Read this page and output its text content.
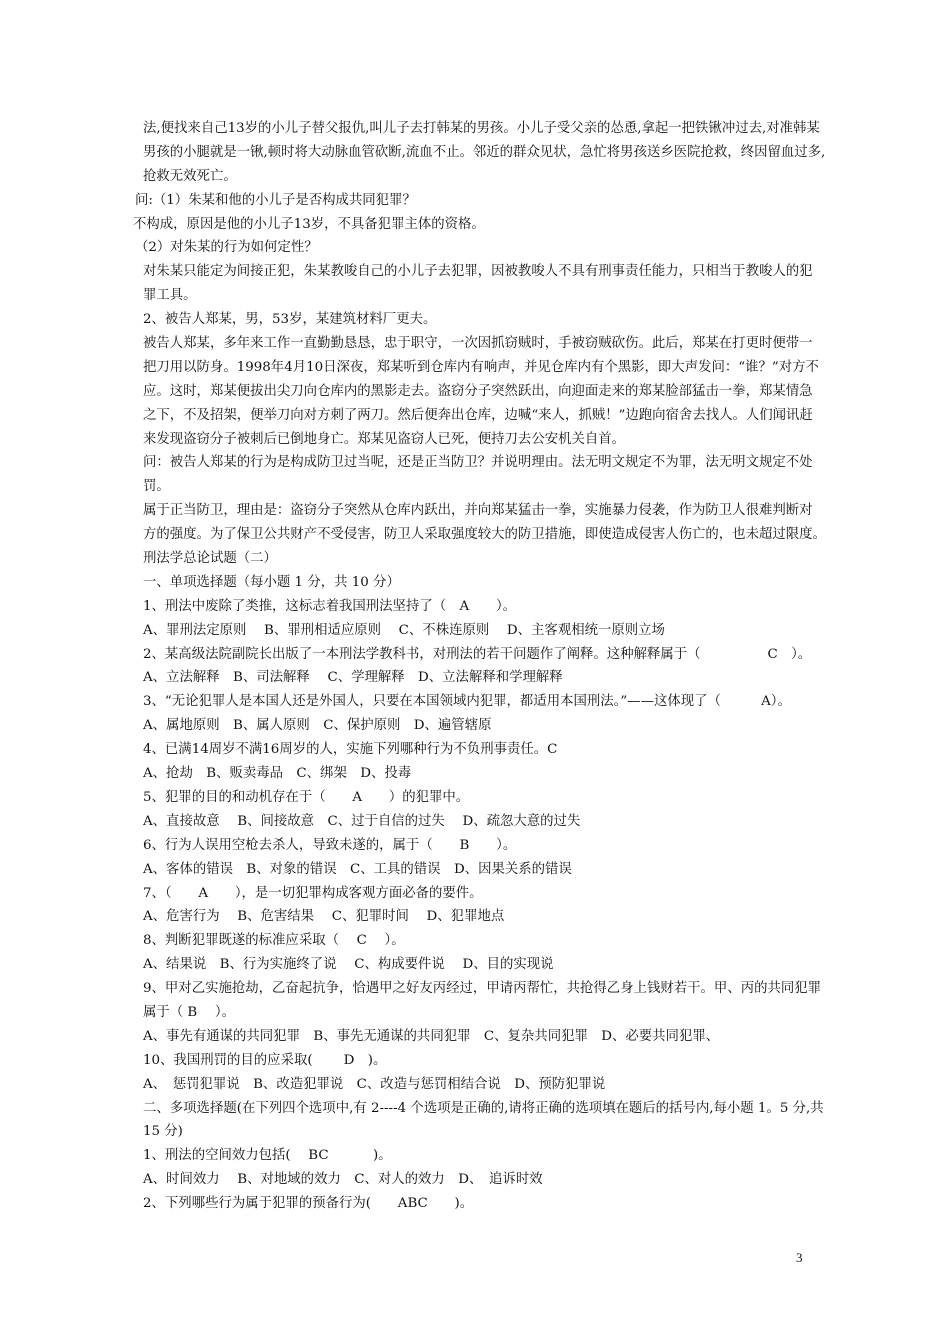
法,便找来自己13岁的小儿子替父报仇,叫儿子去打韩某的男孩。小儿子受父亲的怂恿,拿起一把铁锹冲过去,对准韩某
男孩的小腿就是一锹,顿时将大动脉血管砍断,流血不止。邻近的群众见状，急忙将男孩送乡医院抢救，终因留血过多,
抢救无效死亡。
问:（1）朱某和他的小儿子是否构成共同犯罪？
不构成，原因是他的小儿子13岁，不具备犯罪主体的资格。
（2）对朱某的行为如何定性？
对朱某只能定为间接正犯，朱某教唆自己的小儿子去犯罪，因被教唆人不具有刑事责任能力，只相当于教唆人的犯
罪工具。
2、被告人郑某，男，53岁，某建筑材料厂更夫。
被告人郑某，多年来工作一直勤勤恳恳，忠于职守，一次因抓窃贼时，手被窃贼砍伤。此后，郑某在打更时便带一
把刀用以防身。1998年4月10日深夜，郑某听到仓库内有响声，并见仓库内有个黑影，即大声发问：“谁？”对方不
应。这时，郑某便拔出尖刀向仓库内的黑影走去。盗窃分子突然跃出，向迎面走来的郑某脸部猛击一拳，郑某情急
之下，不及招架，便举刀向对方刺了两刀。然后便奔出仓库，边喊“来人，抓贼！”边跑向宿舍去找人。人们闻讯赶
来发现盗窃分子被刺后已倒地身亡。郑某见盗窃人已死，便持刀去公安机关自首。
问：被告人郑某的行为是构成防卫过当呢，还是正当防卫？并说明理由。法无明文规定不为罪，法无明文规定不处
罚。
属于正当防卫，理由是：盗窃分子突然从仓库内跃出，并向郑某猛击一拳，实施暴力侵袭，作为防卫人很难判断对
方的强度。为了保卫公共财产不受侵害，防卫人采取强度较大的防卫措施，即使造成侵害人伤亡的，也未超过限度。
刑法学总论试题（二）
一、单项选择题（每小题 1 分，共 10 分）
1、刑法中废除了类推，这标志着我国刑法坚持了（　A　　）。
A、罪刑法定原则　 B、罪刑相适应原则　 C、不株连原则　 D、主客观相统一原则立场
2、某高级法院副院长出版了一本刑法学教科书，对刑法的若干问题作了阐释。这种解释属于（　　　　　C　）。
A、立法解释　B、司法解释　 C、学理解释　D、立法解释和学理解释
3、“无论犯罪人是本国人还是外国人，只要在本国领域内犯罪，都适用本国刑法。”——这体现了（　　　A）。
A、属地原则　B、属人原则　C、保护原则　D、遍管辖原
4、已满14周岁不满16周岁的人，实施下列哪种行为不负刑事责任。C
A、抢劫　B、贩卖毒品　C、绑架　D、投毒
5、犯罪的目的和动机存在于（　　A　　）的犯罪中。
A、直接故意　 B、间接故意　C、过于自信的过失　 D、疏忽大意的过失
6、行为人误用空枪去杀人，导致未遂的，属于（　　B　　）。
A、客体的错误　B、对象的错误　C、工具的错误　D、因果关系的错误
7、（　　A　　），是一切犯罪构成客观方面必备的要件。
A、危害行为　 B、危害结果　 C、犯罪时间　 D、犯罪地点
8、判断犯罪既遂的标准应采取（　 C　 ）。
A、结果说　B、行为实施终了说　 C、构成要件说　 D、目的实现说
9、甲对乙实施抢劫，乙奋起抗争，恰遇甲之好友丙经过，甲请丙帮忙，共抢得乙身上钱财若干。甲、丙的共同犯罪
属于（ B　 ）。
A、事先有通谋的共同犯罪　B、事先无通谋的共同犯罪　C、复杂共同犯罪　D、必要共同犯罪、
10、我国刑罚的目的应采取(　　 D　)。
A、　惩罚犯罪说　B、改造犯罪说　C、改造与惩罚相结合说　D、预防犯罪说
二、多项选择题(在下列四个选项中,有 2----4 个选项是正确的,请将正确的选项填在题后的括号内,每小题 1。5 分,共
15 分)
1、刑法的空间效力包括(　 BC　　　 )。
A、时间效力　 B、对地域的效力　C、对人的效力　D、　追诉时效
2、下列哪些行为属于犯罪的预备行为(　　ABC　　)。
3
